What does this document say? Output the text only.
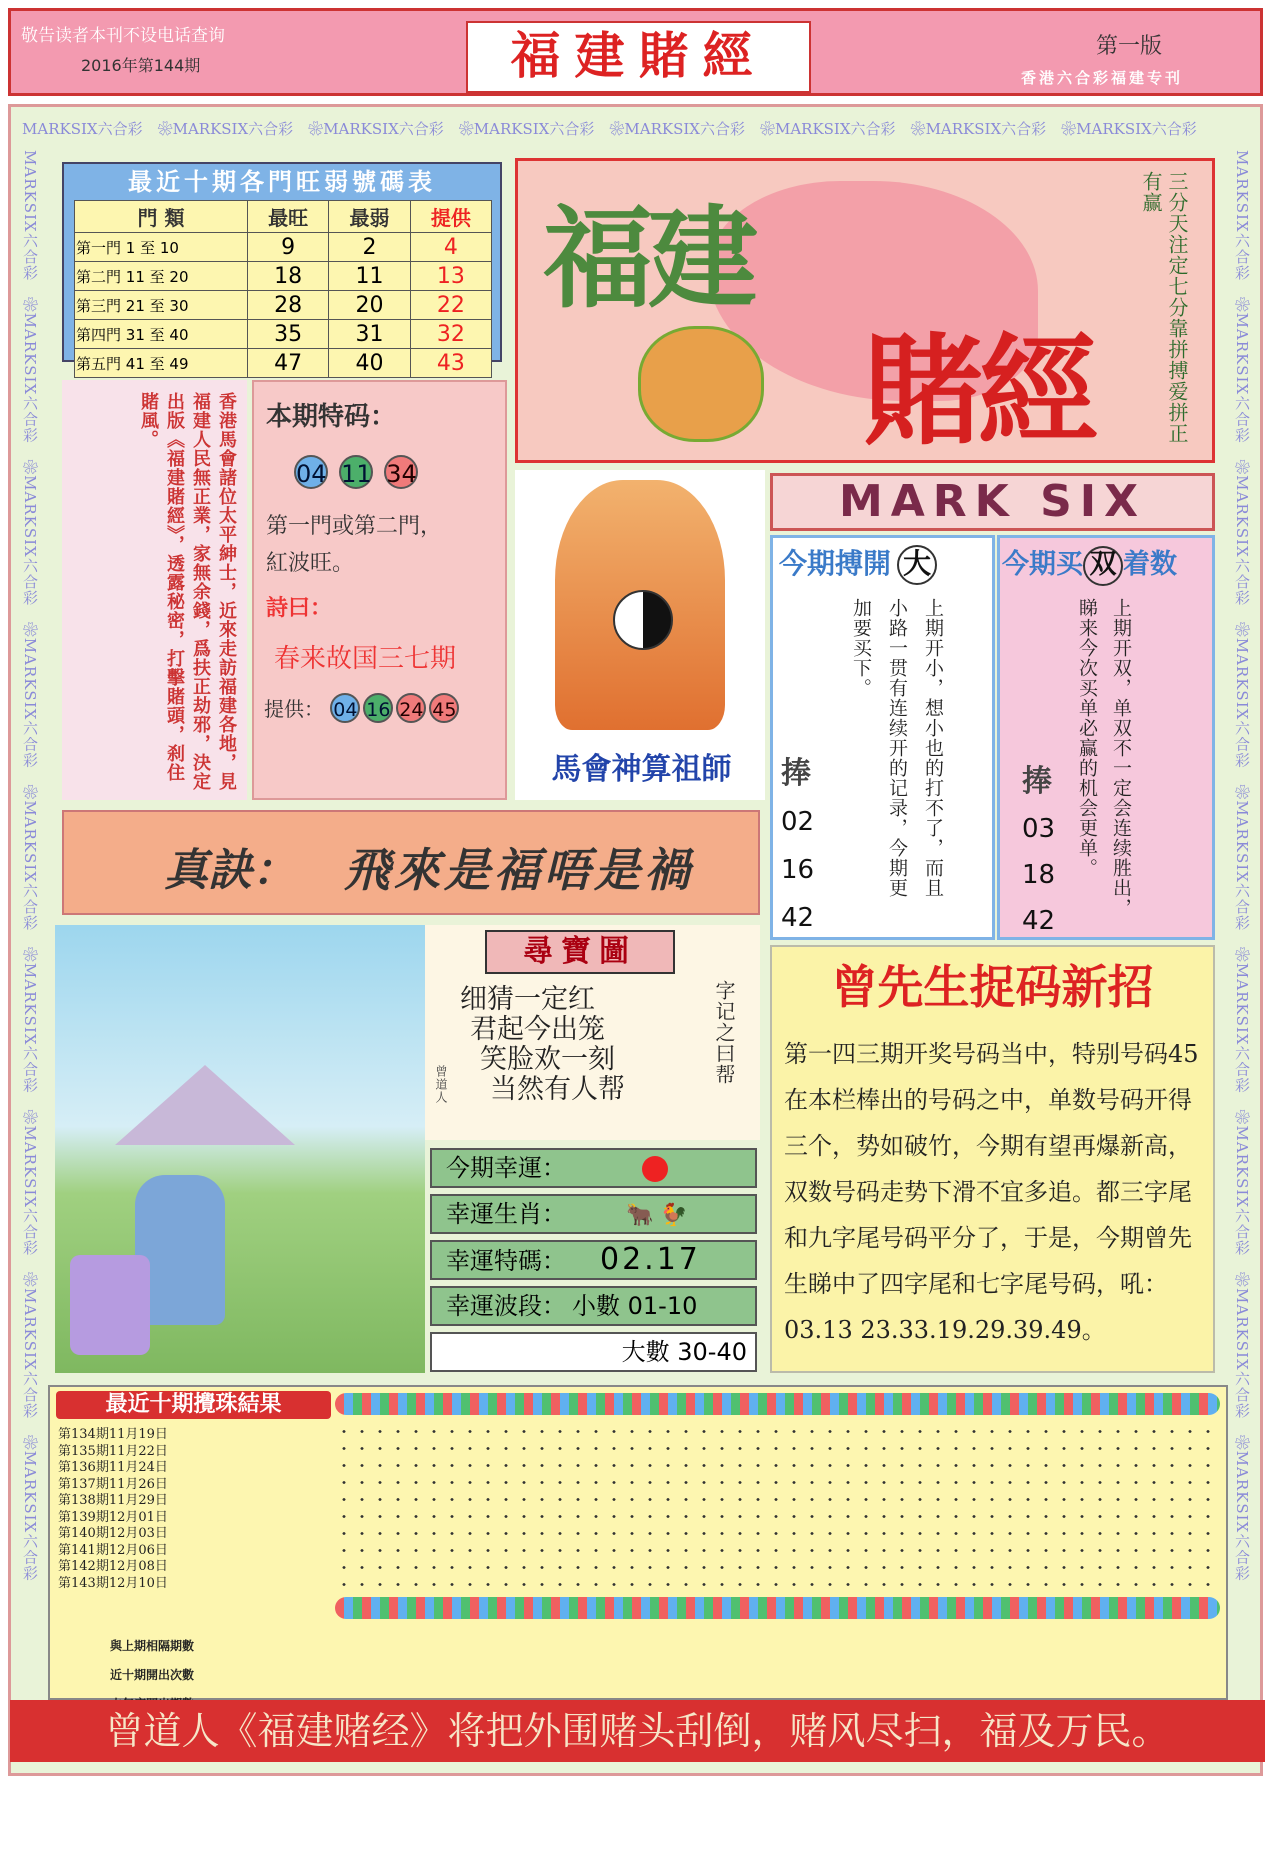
敬告读者本刊不设电话查询
2016年第144期	福建賭經	第一版
香港六合彩福建专刊
MARKSIX六合彩　❀MARKSIX六合彩　❀MARKSIX六合彩　❀MARKSIX六合彩　❀MARKSIX六合彩　❀MARKSIX六合彩　❀MARKSIX六合彩　❀MARKSIX六合彩
MARKSIX六合彩　❀MARKSIX六合彩　❀MARKSIX六合彩　❀MARKSIX六合彩　❀MARKSIX六合彩　❀MARKSIX六合彩　❀MARKSIX六合彩　❀MARKSIX六合彩　❀MARKSIX六合彩
MARKSIX六合彩　❀MARKSIX六合彩　❀MARKSIX六合彩　❀MARKSIX六合彩　❀MARKSIX六合彩　❀MARKSIX六合彩　❀MARKSIX六合彩　❀MARKSIX六合彩　❀MARKSIX六合彩
最近十期各門旺弱號碼表
門 類	最旺	最弱	提供
第一門 1 至 10	9	2	4
第二門 11 至 20	18	11	13
第三門 21 至 30	28	20	22
第四門 31 至 40	35	31	32
第五門 41 至 49	47	40	43
福建
賭經
三分天注定七分靠拼搏爱拼正有赢
香港馬會諸位太平紳士，近來走訪福建各地，見福建人民無正業，家無余錢，爲扶正劫邪，決定出版《福建賭經》，透露秘密，打擊賭頭，刹住賭風。	本期特码：
04 11 34
第一門或第二門，
紅波旺。
詩曰：
春来故国三七期
提供： 04 16 24 45
馬會神算祖師
MARK SIX
今期搏開 大
上期开小，想小也的打不了，而且小路一贯有连续开的记录，今期更加要买下。
捧
02
16
42
今期买 双 着数
上期开双，单双不一定会连续胜出，睇来今次买单必赢的机会更单。
捧
03
18
42
真訣： 飛來是福唔是禍
尋寶圖
细猜一定红
君起今出笼
笑脸欢一刻
当然有人帮
字记之曰帮
曾道人
今期幸運：
幸運生肖：	🐂 🐓
幸運特碼： 02.17
幸運波段： 小數 01-10
大數 30-40
曾先生捉码新招
第一四三期开奖号码当中，特别号码45在本栏棒出的号码之中，单数号码开得三个，势如破竹，今期有望再爆新高，双数号码走势下滑不宜多追。都三字尾和九字尾号码平分了，于是，今期曾先生睇中了四字尾和七字尾号码，吼：03.13 23.33.19.29.39.49。
最近十期攪珠結果
第134期11月19日
第135期11月22日
第136期11月24日
第137期11月26日
第138期11月29日
第139期12月01日
第140期12月03日
第141期12月06日
第142期12月08日
第143期12月10日
與上期相隔期數
近十期開出次數
曾道人《福建赌经》将把外围赌头刮倒，赌风尽扫，福及万民。
